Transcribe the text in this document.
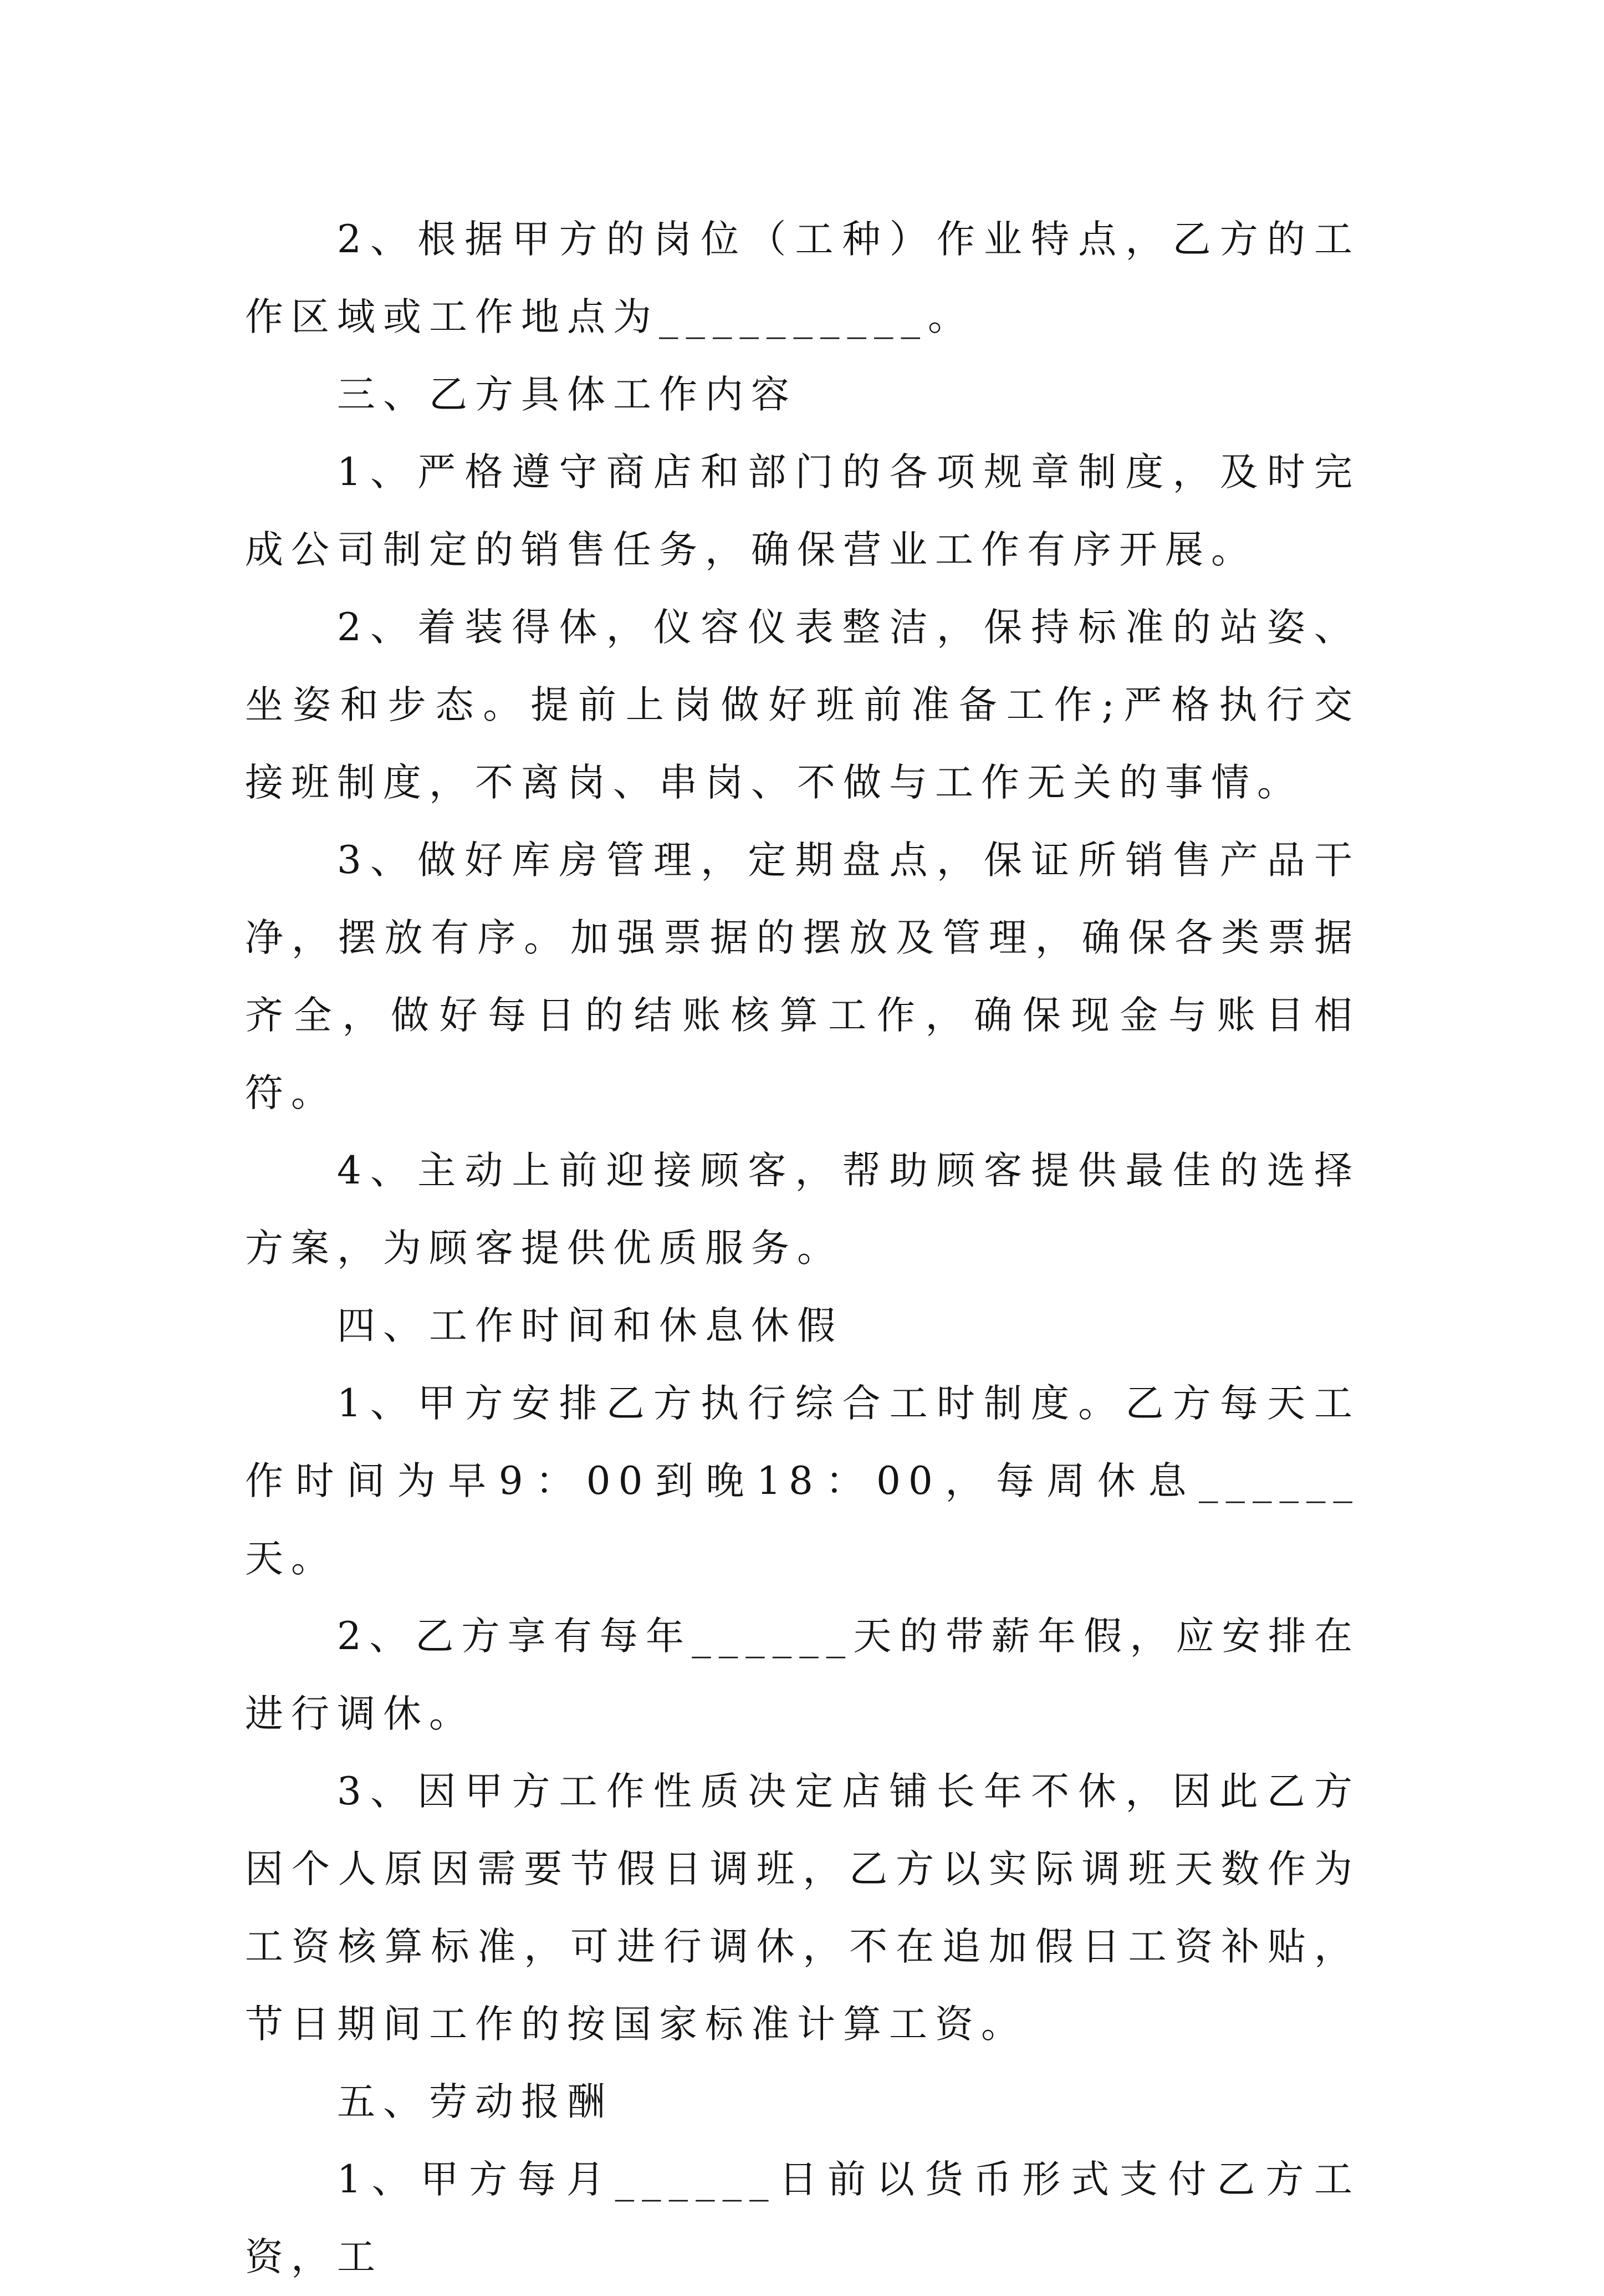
2、根据甲方的岗位（工种）作业特点，乙方的工作区域或工作地点为__________。

三、乙方具体工作内容

1、严格遵守商店和部门的各项规章制度，及时完成公司制定的销售任务，确保营业工作有序开展。

2、着装得体，仪容仪表整洁，保持标准的站姿、坐姿和步态。提前上岗做好班前准备工作;严格执行交接班制度，不离岗、串岗、不做与工作无关的事情。

3、做好库房管理，定期盘点，保证所销售产品干净，摆放有序。加强票据的摆放及管理，确保各类票据齐全，做好每日的结账核算工作，确保现金与账目相符。

4、主动上前迎接顾客，帮助顾客提供最佳的选择方案，为顾客提供优质服务。

四、工作时间和休息休假

1、甲方安排乙方执行综合工时制度。乙方每天工作时间为早9：00到晚18：00，每周休息______天。

2、乙方享有每年______天的带薪年假，应安排在进行调休。

3、因甲方工作性质决定店铺长年不休，因此乙方因个人原因需要节假日调班，乙方以实际调班天数作为工资核算标准，可进行调休，不在追加假日工资补贴，节日期间工作的按国家标准计算工资。

五、劳动报酬

1、甲方每月______日前以货币形式支付乙方工资，工
